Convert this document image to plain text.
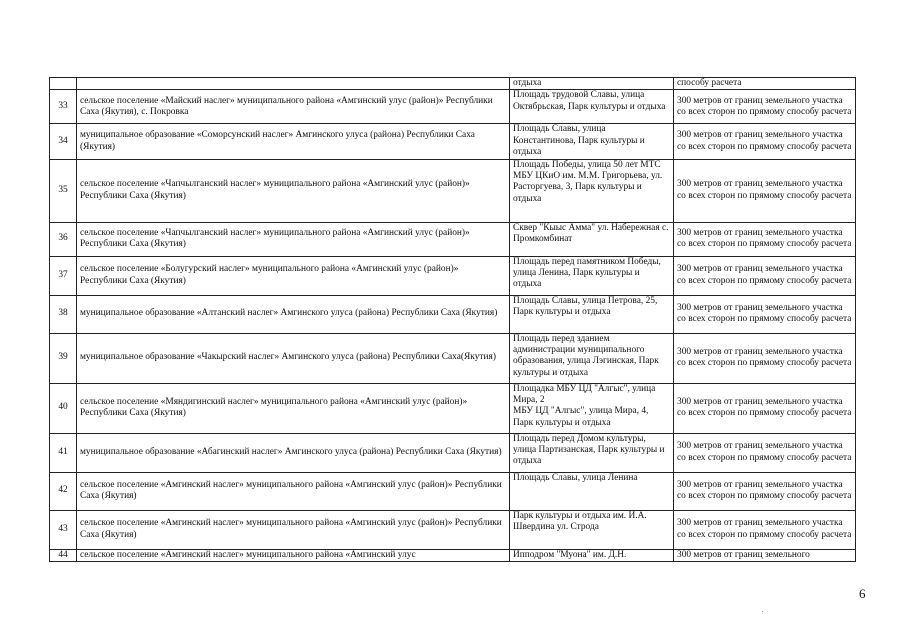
		отдыха	способу расчета
33	сельское поселение «Майский наслег» муниципального района «Амгинский улус (район)» Республики Саха (Якутия), с. Покровка	Площадь трудовой Славы, улица Октябрьская, Парк культуры и отдыха	300 метров от границ земельного участка со всех сторон по прямому способу расчета
34	муниципальное образование «Соморсунский наслег» Амгинского улуса (района) Республики Саха (Якутия)	Площадь Славы, улица Константинова, Парк культуры и отдыха	300 метров от границ земельного участка со всех сторон по прямому способу расчета
35	сельское поселение «Чапчылганский наслег» муниципального района «Амгинский улус (район)» Республики Саха (Якутия)	Площадь Победы, улица 50 лет МТС
МБУ ЦКиО им. М.М. Григорьева, ул. Расторгуева, 3, Парк культуры и отдыха	300 метров от границ земельного участка со всех сторон по прямому способу расчета
36	сельское поселение «Чапчылганский наслег» муниципального района «Амгинский улус (район)» Республики Саха (Якутия)	Сквер "Кыыс Амма" ул. Набережная с. Промкомбинат	300 метров от границ земельного участка со всех сторон по прямому способу расчета
37	сельское поселение «Болугурский наслег» муниципального района «Амгинский улус (район)» Республики Саха (Якутия)	Площадь перед памятником Победы, улица Ленина, Парк культуры и отдыха	300 метров от границ земельного участка со всех сторон по прямому способу расчета
38	муниципальное образование «Алтанский наслег» Амгинского улуса (района) Республики Саха (Якутия)	Площадь Славы, улица Петрова, 25, Парк культуры и отдыха	300 метров от границ земельного участка со всех сторон по прямому способу расчета
39	муниципальное образование «Чакырский наслег» Амгинского улуса (района) Республики Саха(Якутия)	Площадь перед зданием администрации муниципального образования, улица Лэгинская, Парк культуры и отдыха	300 метров от границ земельного участка со всех сторон по прямому способу расчета
40	сельское поселение «Мяндигинский наслег» муниципального района «Амгинский улус (район)» Республики Саха (Якутия)	Площадка МБУ ЦД "Алгыс", улица Мира, 2
МБУ ЦД "Алгыс", улица Мира, 4, Парк культуры и отдыха	300 метров от границ земельного участка со всех сторон по прямому способу расчета
41	муниципальное образование «Абагинский наслег» Амгинского улуса (района) Республики Саха (Якутия)	Площадь перед Домом культуры, улица Партизанская, Парк культуры и отдыха	300 метров от границ земельного участка со всех сторон по прямому способу расчета
42	сельское поселение «Амгинский наслег» муниципального района «Амгинский улус (район)» Республики Саха (Якутия)	Площадь Славы, улица Ленина	300 метров от границ земельного участка со всех сторон по прямому способу расчета
43	сельское поселение «Амгинский наслег» муниципального района «Амгинский улус (район)» Республики Саха (Якутия)	Парк культуры и отдыха им. И.А. Швердина ул. Строда	300 метров от границ земельного участка со всех сторон по прямому способу расчета
44	сельское поселение «Амгинский наслег» муниципального района «Амгинский улус	Ипподром "Муона" им. Д.Н.	300 метров от границ земельного
6
